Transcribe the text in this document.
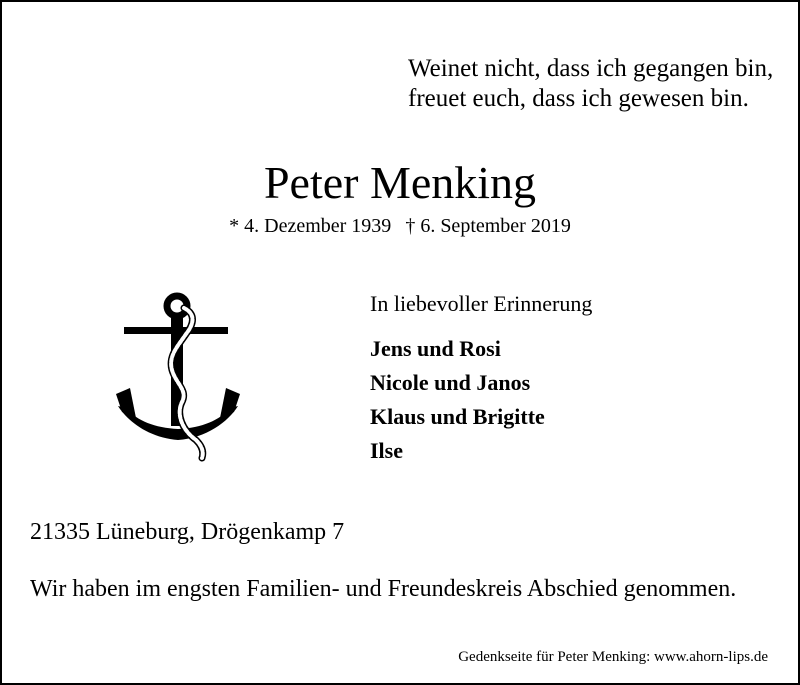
Weinet nicht, dass ich gegangen bin,
freuet euch, dass ich gewesen bin.
Peter Menking
* 4. Dezember 1939 † 6. September 2019
In liebevoller Erinnerung
Jens und Rosi
Nicole und Janos
Klaus und Brigitte
Ilse
21335 Lüneburg, Drögenkamp 7
Wir haben im engsten Familien- und Freundeskreis Abschied genommen.
Gedenkseite für Peter Menking: www.ahorn-lips.de
